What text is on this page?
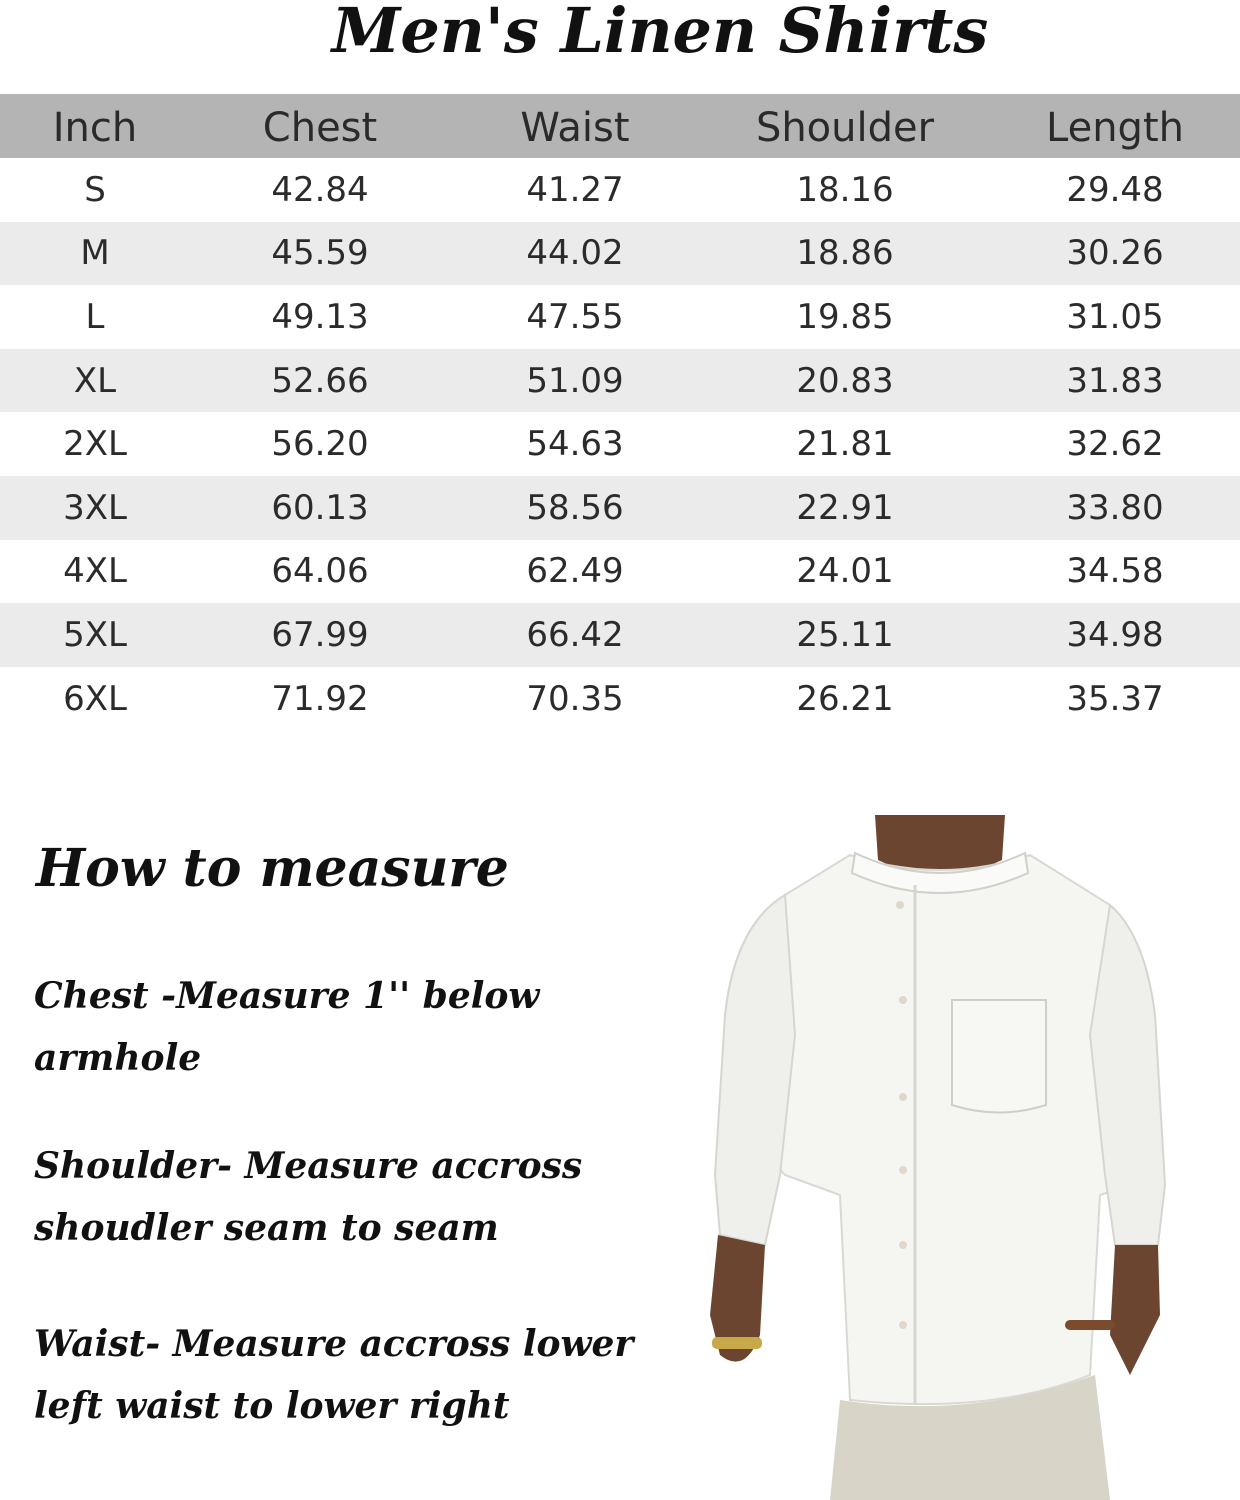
Men's Linen Shirts
Inch	Chest	Waist	Shoulder	Length
S	42.84	41.27	18.16	29.48
M	45.59	44.02	18.86	30.26
L	49.13	47.55	19.85	31.05
XL	52.66	51.09	20.83	31.83
2XL	56.20	54.63	21.81	32.62
3XL	60.13	58.56	22.91	33.80
4XL	64.06	62.49	24.01	34.58
5XL	67.99	66.42	25.11	34.98
6XL	71.92	70.35	26.21	35.37
How to measure

Chest -Measure 1'' below armhole

Shoulder- Measure accross shoudler seam to seam

Waist- Measure accross lower left waist to lower right
